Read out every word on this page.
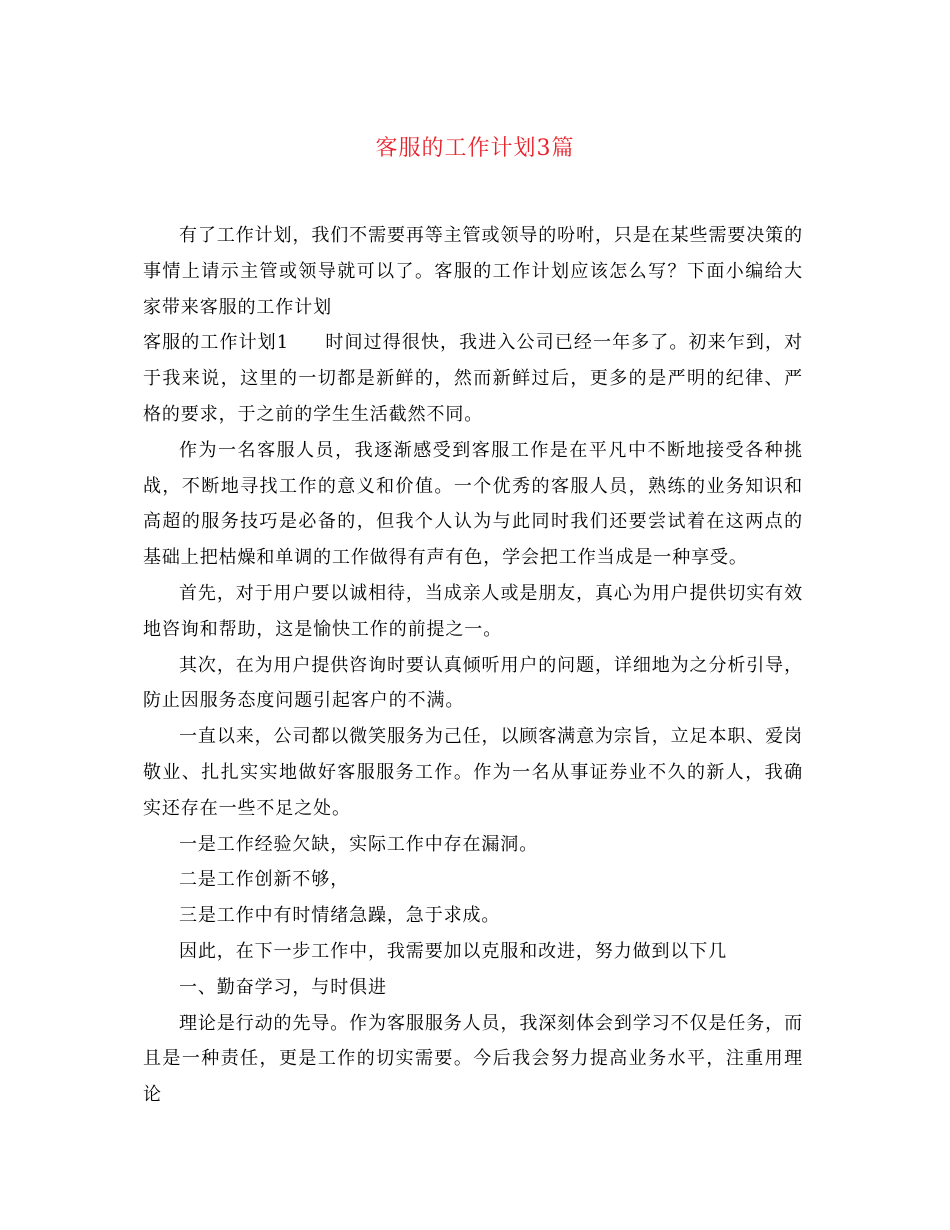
客服的工作计划3篇

有了工作计划，我们不需要再等主管或领导的吩咐，只是在某些需要决策的事情上请示主管或领导就可以了。客服的工作计划应该怎么写？下面小编给大家带来客服的工作计划

客服的工作计划1 时间过得很快，我进入公司已经一年多了。初来乍到，对于我来说，这里的一切都是新鲜的，然而新鲜过后，更多的是严明的纪律、严格的要求，于之前的学生生活截然不同。

作为一名客服人员，我逐渐感受到客服工作是在平凡中不断地接受各种挑战，不断地寻找工作的意义和价值。一个优秀的客服人员，熟练的业务知识和高超的服务技巧是必备的，但我个人认为与此同时我们还要尝试着在这两点的基础上把枯燥和单调的工作做得有声有色，学会把工作当成是一种享受。

首先，对于用户要以诚相待，当成亲人或是朋友，真心为用户提供切实有效地咨询和帮助，这是愉快工作的前提之一。

其次，在为用户提供咨询时要认真倾听用户的问题，详细地为之分析引导，防止因服务态度问题引起客户的不满。

一直以来，公司都以微笑服务为己任，以顾客满意为宗旨，立足本职、爱岗敬业、扎扎实实地做好客服服务工作。作为一名从事证券业不久的新人，我确实还存在一些不足之处。

一是工作经验欠缺，实际工作中存在漏洞。

二是工作创新不够，

三是工作中有时情绪急躁，急于求成。

因此，在下一步工作中，我需要加以克服和改进，努力做到以下几

一、勤奋学习，与时俱进

理论是行动的先导。作为客服服务人员，我深刻体会到学习不仅是任务，而且是一种责任，更是工作的切实需要。今后我会努力提高业务水平，注重用理论
